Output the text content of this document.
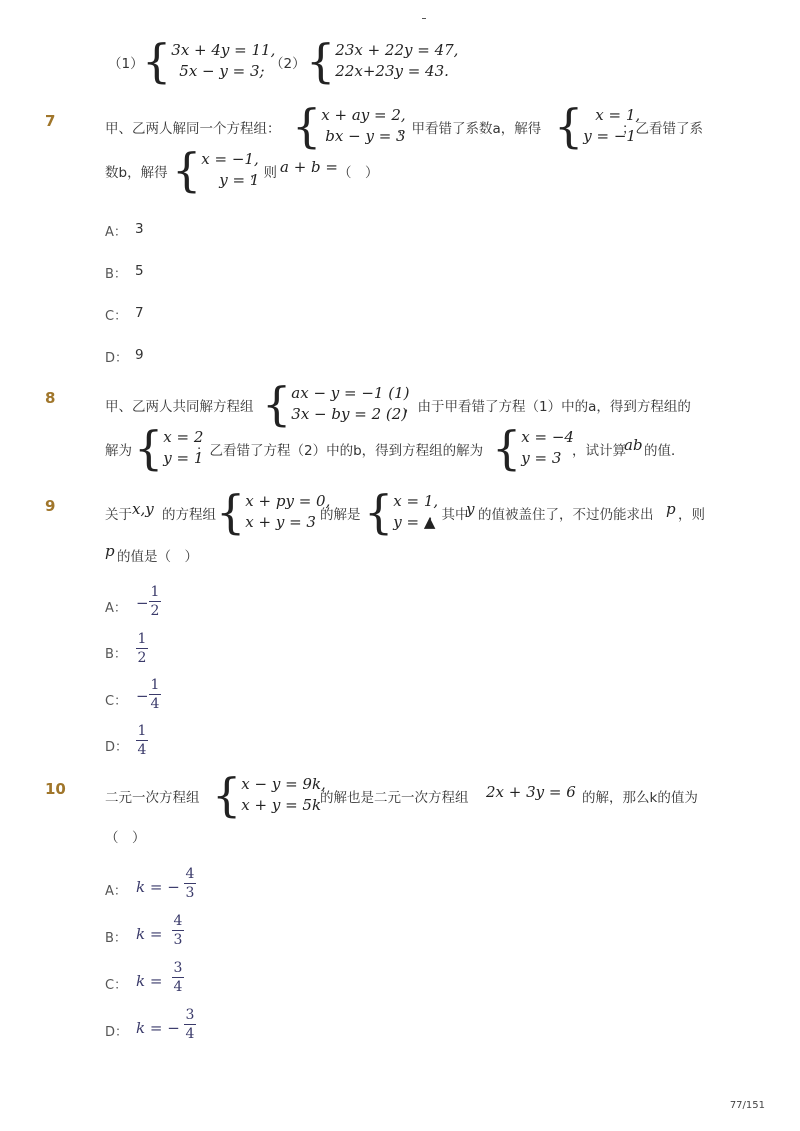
（1）
{ 3x + 4y = 11,
5x − y = 3; （2） { 23x + 22y = 47,
22x+23y = 43.
7	甲、乙两人解同一个方程组： { x + ay = 2,
bx − y = 3
，甲看错了系数a，解得 { x = 1,
y = −1
；乙看错了系
数b，解得 { x = −1,
y = 1
，则 a + b = （　）
A： 3
B： 5
C： 7
D： 9
8	甲、乙两人共同解方程组 { ax − y = −1 (1)
3x − by = 2 (2)
，由于甲看错了方程（1）中的a，得到方程组的
解为 { x = 2
y = 1
；乙看错了方程（2）中的b，得到方程组的解为 { x = −4
y = 3 ，试计算
ab 的值．
9	关于 x,y 的方程组 { x + py = 0,
x + y = 3 的解是 { x = 1,
y = ▲
，其中
y 的值被盖住了，不过仍能求出 p ，则
p 的值是（　）
A： −
1
2
B：
1
2
C： −
1
4
D：
1
4
10	二元一次方程组 { x − y = 9k,
x + y = 5k
的解也是二元一次方程组 2x + 3y = 6 的解，那么k的值为
（　）
A： k = −
4
3
B： k =
4
3
C： k =
3
4
D： k = −
3
4
77/151
